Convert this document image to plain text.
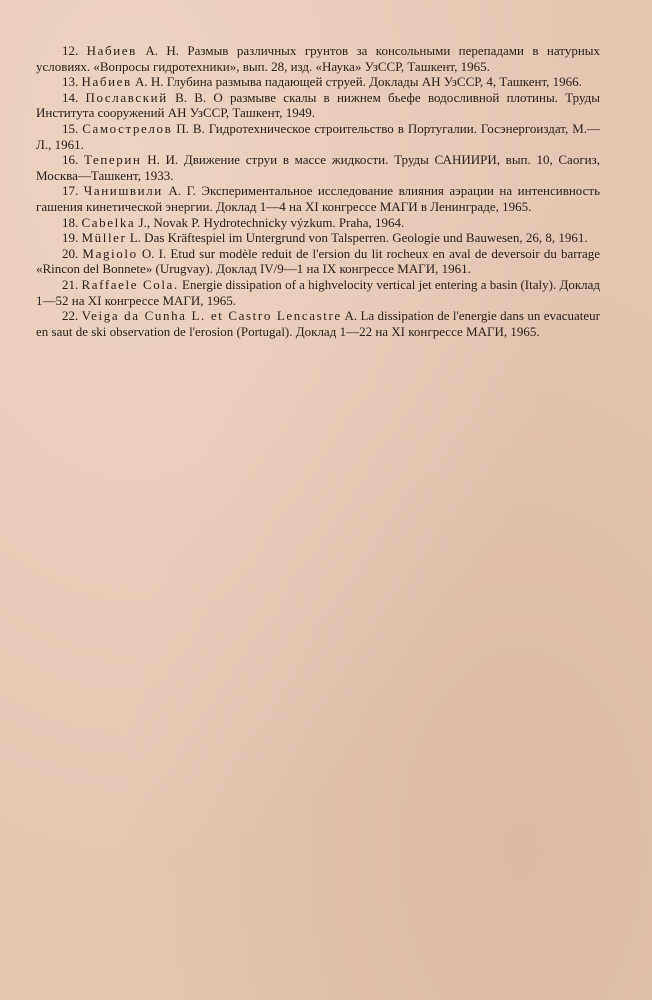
12. Набиев А. Н. Размыв различных грунтов за консольными перепадами в натурных условиях. «Вопросы гидротехники», вып. 28, изд. «Наука» УзССР, Ташкент, 1965.
13. Набиев А. Н. Глубина размыва падающей струей. Доклады АН УзССР, 4, Ташкент, 1966.
14. Пославский В. В. О размыве скалы в нижнем бьефе водосливной плотины. Труды Института сооружений АН УзССР, Ташкент, 1949.
15. Самострелов П. В. Гидротехническое строительство в Португалии. Госэнергоиздат, М.—Л., 1961.
16. Теперин Н. И. Движение струи в массе жидкости. Труды САНИИРИ, вып. 10, Саогиз, Москва—Ташкент, 1933.
17. Чанишвили А. Г. Экспериментальное исследование влияния аэрации на интенсивность гашения кинетической энергии. Доклад 1—4 на XI конгрессе МАГИ в Ленинграде, 1965.
18. Cabelka J., Novak P. Hydrotechnicky výzkum. Praha, 1964.
19. Müller L. Das Kräftespiel im Untergrund von Talsperren. Geologie und Bauwesen, 26, 8, 1961.
20. Magiolo O. I. Etud sur modèle reduit de l'ersion du lit rocheux en aval de deversoir du barrage «Rincon del Bonnete» (Urugvay). Доклад IV/9—1 на IX конгрессе МАГИ, 1961.
21. Raffaele Cola. Energie dissipation of a highvelocity vertical jet entering a basin (Italy). Доклад 1—52 на XI конгрессе МАГИ, 1965.
22. Veiga da Cunha L. et Castro Lencastre A. La dissipation de l'energie dans un evacuateur en saut de ski observation de l'erosion (Portugal). Доклад 1—22 на XI конгрессе МАГИ, 1965.
